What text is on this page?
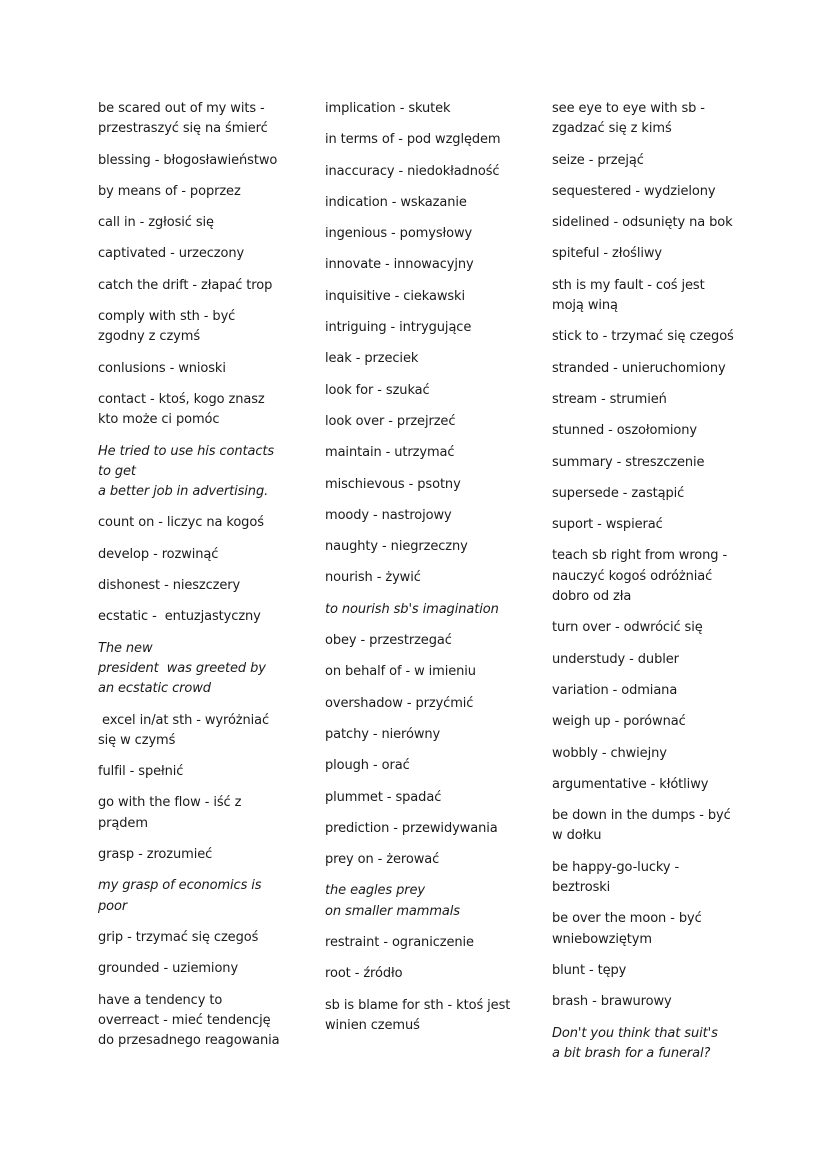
be scared out of my wits -
przestraszyć się na śmierć
blessing - błogosławieństwo
by means of - poprzez
call in - zgłosić się
captivated - urzeczony
catch the drift - złapać trop
comply with sth - być
zgodny z czymś
conlusions - wnioski
contact - ktoś, kogo znasz
kto może ci pomóc
He tried to use his contacts
to get
a better job in advertising.
count on - liczyc na kogoś
develop - rozwinąć
dishonest - nieszczery
ecstatic -  entuzjastyczny
The new
president  was greeted by
an ecstatic crowd
excel in/at sth - wyróżniać
się w czymś
fulfil - spełnić
go with the flow - iść z
prądem
grasp - zrozumieć
my grasp of economics is
poor
grip - trzymać się czegoś
grounded - uziemiony
have a tendency to
overreact - mieć tendencję
do przesadnego reagowania
implication - skutek
in terms of - pod względem
inaccuracy - niedokładność
indication - wskazanie
ingenious - pomysłowy
innovate - innowacyjny
inquisitive - ciekawski
intriguing - intrygujące
leak - przeciek
look for - szukać
look over - przejrzeć
maintain - utrzymać
mischievous - psotny
moody - nastrojowy
naughty - niegrzeczny
nourish - żywić
to nourish sb's imagination
obey - przestrzegać
on behalf of - w imieniu
overshadow - przyćmić
patchy - nierówny
plough - orać
plummet - spadać
prediction - przewidywania
prey on - żerować
the eagles prey
on smaller mammals
restraint - ograniczenie
root - źródło
sb is blame for sth - ktoś jest
winien czemuś
see eye to eye with sb -
zgadzać się z kimś
seize - przejąć
sequestered - wydzielony
sidelined - odsunięty na bok
spiteful - złośliwy
sth is my fault - coś jest
moją winą
stick to - trzymać się czegoś
stranded - unieruchomiony
stream - strumień
stunned - oszołomiony
summary - streszczenie
supersede - zastąpić
suport - wspierać
teach sb right from wrong -
nauczyć kogoś odróżniać
dobro od zła
turn over - odwrócić się
understudy - dubler
variation - odmiana
weigh up - porównać
wobbly - chwiejny
argumentative - kłótliwy
be down in the dumps - być
w dołku
be happy-go-lucky -
beztroski
be over the moon - być
wniebowziętym
blunt - tępy
brash - brawurowy
Don't you think that suit's
a bit brash for a funeral?
